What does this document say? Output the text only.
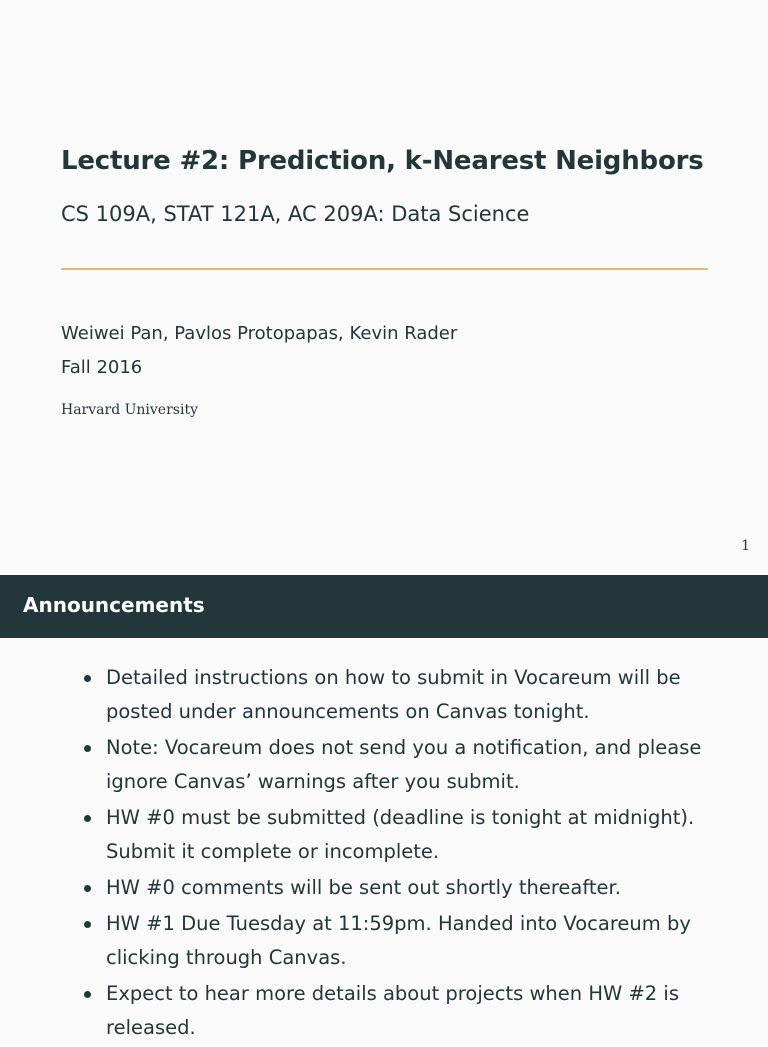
Lecture #2: Prediction, k-Nearest Neighbors
CS 109A, STAT 121A, AC 209A: Data Science
Weiwei Pan, Pavlos Protopapas, Kevin Rader
Fall 2016
Harvard University
1
Announcements
Detailed instructions on how to submit in Vocareum will be posted under announcements on Canvas tonight.
Note: Vocareum does not send you a notification, and please ignore Canvas’ warnings after you submit.
HW #0 must be submitted (deadline is tonight at midnight). Submit it complete or incomplete.
HW #0 comments will be sent out shortly thereafter.
HW #1 Due Tuesday at 11:59pm. Handed into Vocareum by clicking through Canvas.
Expect to hear more details about projects when HW #2 is released.
